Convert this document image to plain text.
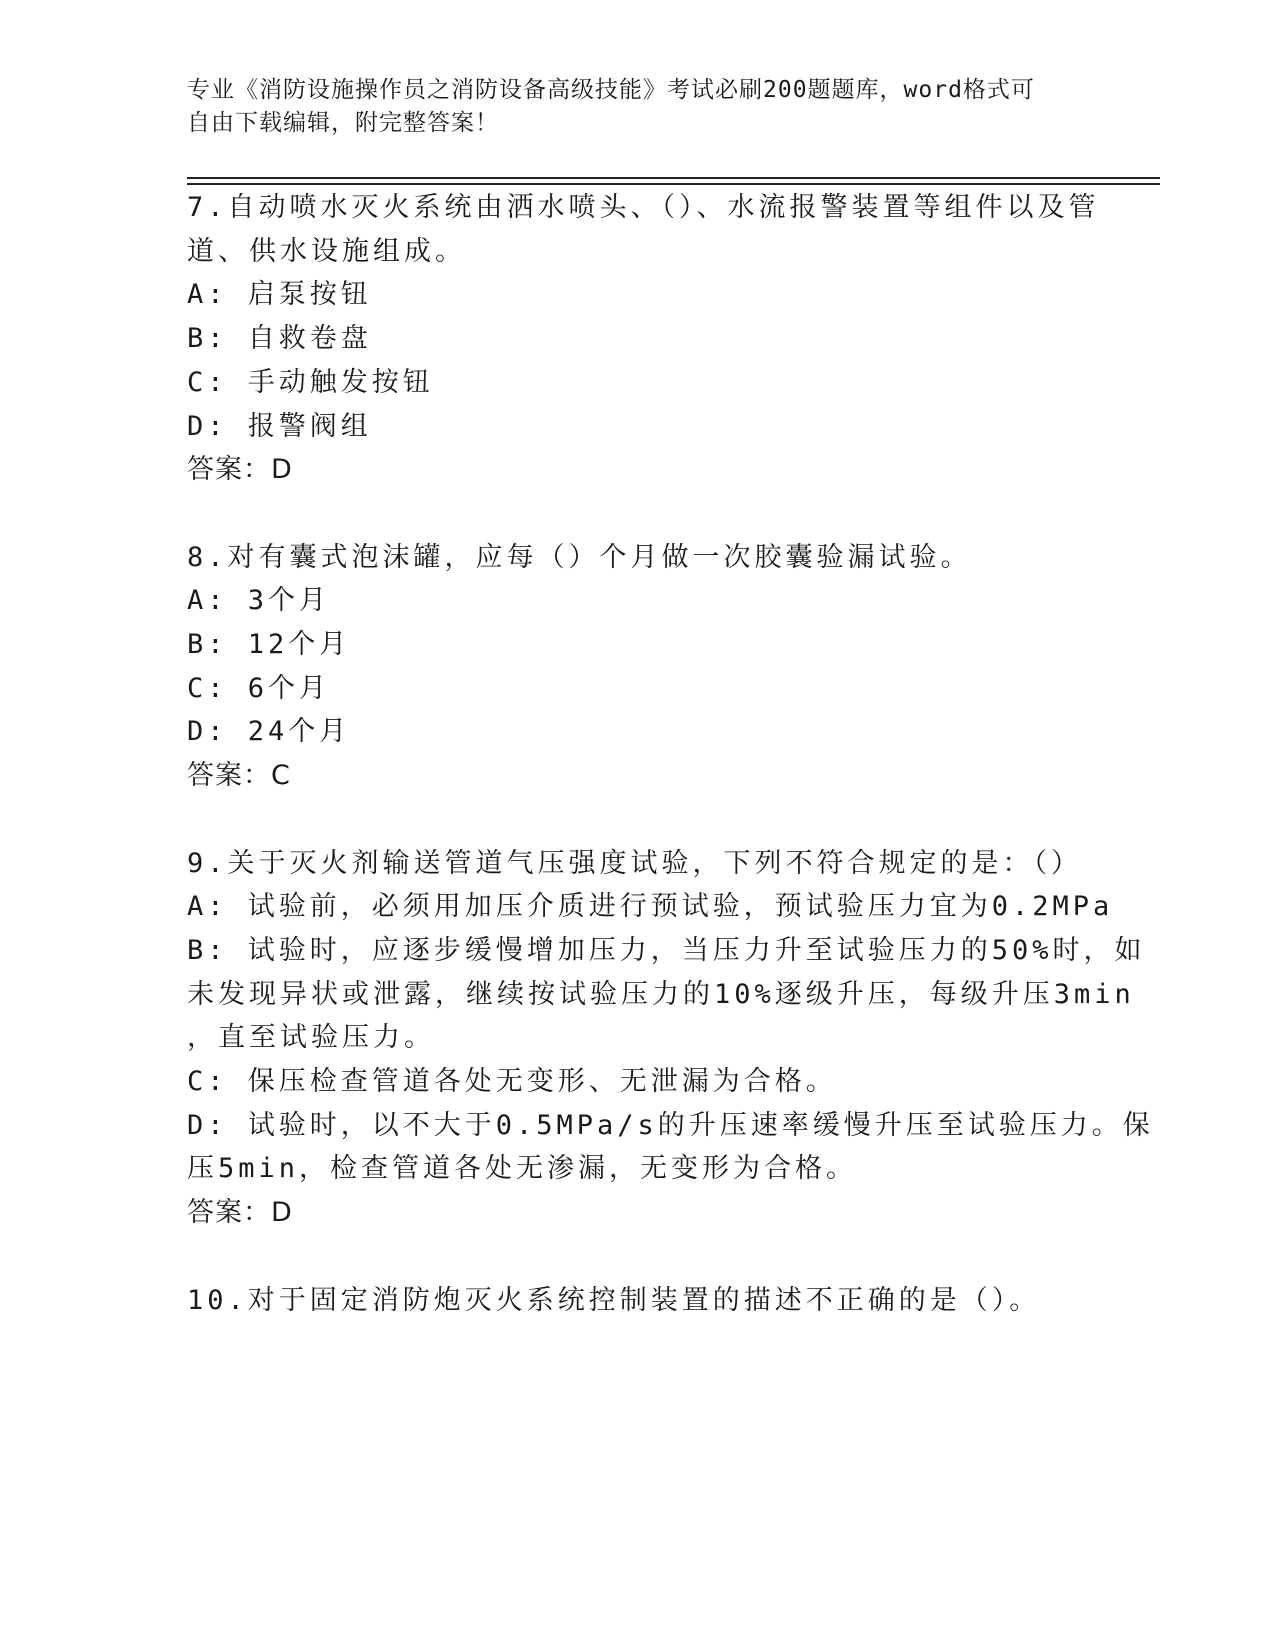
专业《消防设施操作员之消防设备高级技能》考试必刷200题题库，word格式可
自由下载编辑，附完整答案！
7.自动喷水灭火系统由洒水喷头、（）、水流报警装置等组件以及管
道、供水设施组成。
A: 启泵按钮
B: 自救卷盘
C: 手动触发按钮
D: 报警阀组
答案：D
8.对有囊式泡沫罐，应每（）个月做一次胶囊验漏试验。
A: 3个月
B: 12个月
C: 6个月
D: 24个月
答案：C
9.关于灭火剂输送管道气压强度试验，下列不符合规定的是：（）
A: 试验前，必须用加压介质进行预试验，预试验压力宜为0.2MPa
B: 试验时，应逐步缓慢增加压力，当压力升至试验压力的50%时，如
未发现异状或泄露，继续按试验压力的10%逐级升压，每级升压3min
，直至试验压力。
C: 保压检查管道各处无变形、无泄漏为合格。
D: 试验时，以不大于0.5MPa/s的升压速率缓慢升压至试验压力。保
压5min，检查管道各处无渗漏，无变形为合格。
答案：D
10.对于固定消防炮灭火系统控制装置的描述不正确的是（）。
